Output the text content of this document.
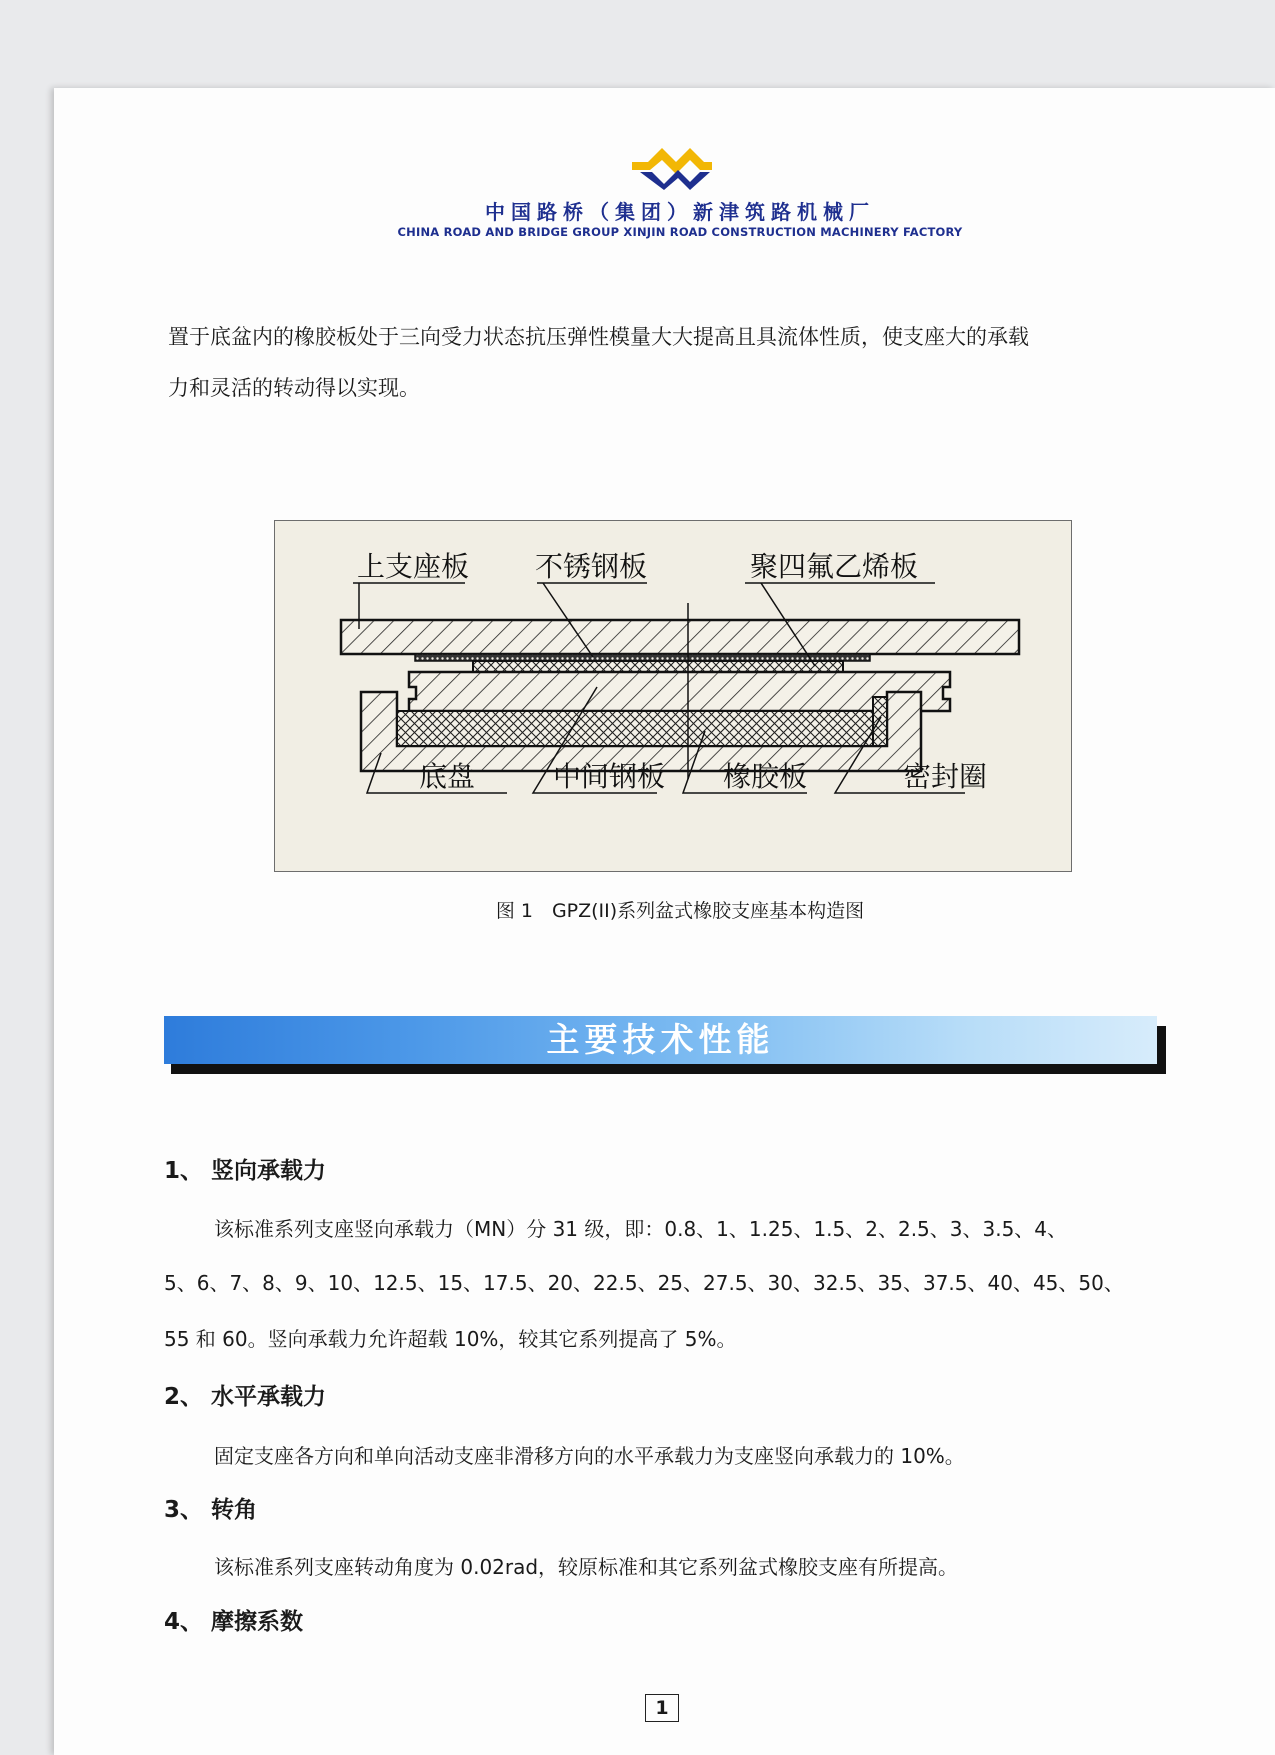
中国路桥（集团）新津筑路机械厂
CHINA ROAD AND BRIDGE GROUP XINJIN ROAD CONSTRUCTION MACHINERY FACTORY
置于底盆内的橡胶板处于三向受力状态抗压弹性模量大大提高且具流体性质，使支座大的承载
力和灵活的转动得以实现。
上支座板 不锈钢板	聚四氟乙烯板
底盘	中间钢板 橡胶板	密封圈
图 1　GPZ(II)系列盆式橡胶支座基本构造图
主要技术性能
1、 竖向承载力
该标准系列支座竖向承载力（MN）分 31 级，即：0.8、1、1.25、1.5、2、2.5、3、3.5、4、
5、6、7、8、9、10、12.5、15、17.5、20、22.5、25、27.5、30、32.5、35、37.5、40、45、50、
55 和 60。竖向承载力允许超载 10%，较其它系列提高了 5%。
2、 水平承载力
固定支座各方向和单向活动支座非滑移方向的水平承载力为支座竖向承载力的 10%。
3、 转角
该标准系列支座转动角度为 0.02rad，较原标准和其它系列盆式橡胶支座有所提高。
4、 摩擦系数
1
